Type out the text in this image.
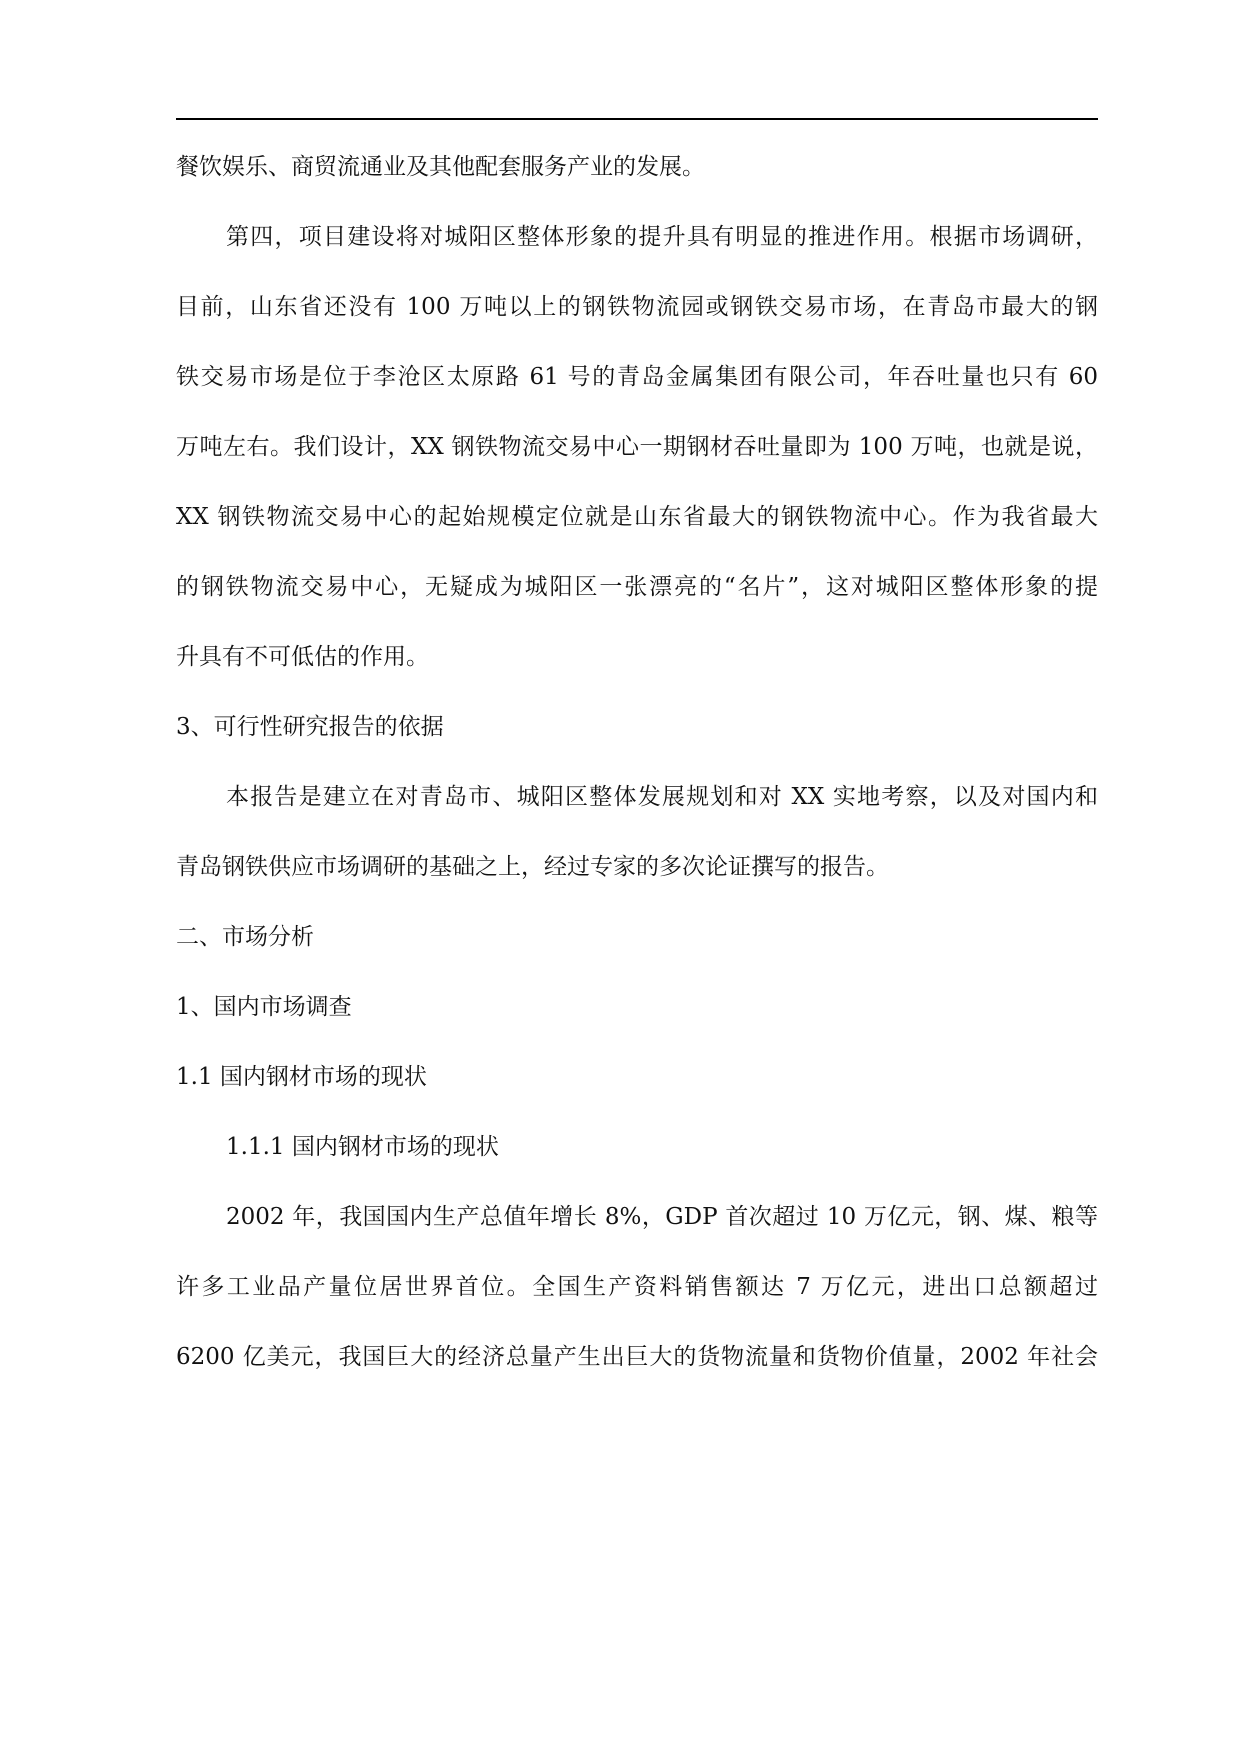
餐饮娱乐、商贸流通业及其他配套服务产业的发展。
第四，项目建设将对城阳区整体形象的提升具有明显的推进作用。根据市场调研，
目前，山东省还没有 100 万吨以上的钢铁物流园或钢铁交易市场，在青岛市最大的钢
铁交易市场是位于李沧区太原路 61 号的青岛金属集团有限公司，年吞吐量也只有 60
万吨左右。我们设计，XX 钢铁物流交易中心一期钢材吞吐量即为 100 万吨，也就是说，
XX 钢铁物流交易中心的起始规模定位就是山东省最大的钢铁物流中心。作为我省最大
的钢铁物流交易中心，无疑成为城阳区一张漂亮的“名片”，这对城阳区整体形象的提
升具有不可低估的作用。
3、可行性研究报告的依据
本报告是建立在对青岛市、城阳区整体发展规划和对 XX 实地考察，以及对国内和
青岛钢铁供应市场调研的基础之上，经过专家的多次论证撰写的报告。
二、市场分析
1、国内市场调查
1.1 国内钢材市场的现状
1.1.1 国内钢材市场的现状
2002 年，我国国内生产总值年增长 8%，GDP 首次超过 10 万亿元，钢、煤、粮等
许多工业品产量位居世界首位。全国生产资料销售额达 7 万亿元，进出口总额超过
6200 亿美元，我国巨大的经济总量产生出巨大的货物流量和货物价值量，2002 年社会
